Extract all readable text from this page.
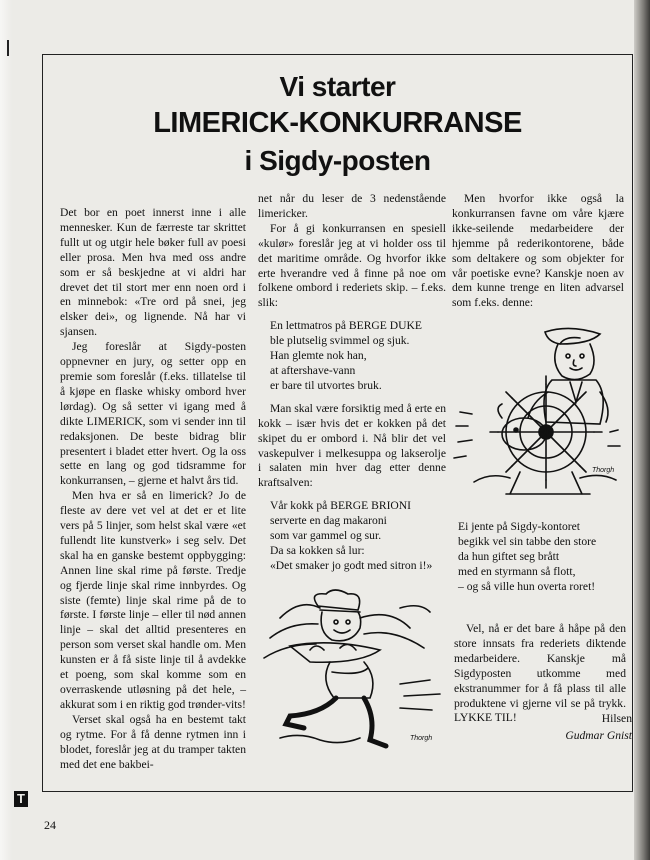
Vi starter
LIMERICK-KONKURRANSE
i Sigdy-posten

Det bor en poet innerst inne i alle mennesker. Kun de færreste tar skrittet fullt ut og utgir hele bøker full av poesi eller prosa. Men hva med oss andre som er så beskjedne at vi aldri har drevet det til stort mer enn noen ord i en minnebok: «Tre ord på snei, jeg elsker dei», og lignende. Nå har vi sjansen.

Jeg foreslår at Sigdy-posten oppnevner en jury, og setter opp en premie som foreslår (f.eks. tillatelse til å kjøpe en flaske whisky ombord hver lørdag). Og så setter vi igang med å dikte LIMERICK, som vi sender inn til redaksjonen. De beste bidrag blir presentert i bladet etter hvert. Og la oss sette en lang og god tidsramme for konkurransen, – gjerne et halvt års tid.

Men hva er så en limerick? Jo de fleste av dere vet vel at det er et lite vers på 5 linjer, som helst skal være «et fullendt lite kunstverk» i seg selv. Det skal ha en ganske bestemt oppbygging: Annen line skal rime på første. Tredje og fjerde linje skal rime innbyrdes. Og siste (femte) linje skal rime på de to første. I første linje – eller til nød annen linje – skal det alltid presenteres en person som verset skal handle om. Men kunsten er å få siste linje til å avdekke et poeng, som skal komme som en overraskende utløsning på det hele, – akkurat som i en riktig god trønder-vits!

Verset skal også ha en bestemt takt og rytme. For å få denne rytmen inn i blodet, foreslår jeg at du tramper takten med det ene bakbei-

net når du leser de 3 nedenstående limericker.

For å gi konkurransen en spesiell «kulør» foreslår jeg at vi holder oss til det maritime område. Og hvorfor ikke erte hverandre ved å finne på noe om folkene ombord i rederiets skip. – f.eks. slik:

En lettmatros på BERGE DUKE
ble plutselig svimmel og sjuk.
Han glemte nok han,
at aftershave-vann
er bare til utvortes bruk.

Man skal være forsiktig med å erte en kokk – især hvis det er kokken på det skipet du er ombord i. Nå blir det vel vaskepulver i melkesuppa og lakserolje i salaten min hver dag etter denne kraftsalven:

Vår kokk på BERGE BRIONI
serverte en dag makaroni
som var gammel og sur.
Da sa kokken så lur:
«Det smaker jo godt med sitron i!»

Men hvorfor ikke også la konkurransen favne om våre kjære ikke-seilende medarbeidere der hjemme på rederikontorene, både som deltakere og som objekter for vår poetiske evne? Kanskje noen av dem kunne trenge en liten advarsel som f.eks. denne:

Ei jente på Sigdy-kontoret
begikk vel sin tabbe den store
da hun giftet seg brått
med en styrmann så flott,
– og så ville hun overta roret!

Vel, nå er det bare å håpe på den store innsats fra rederiets diktende medarbeidere. Kanskje må Sigdyposten utkomme med ekstranummer for å få plass til alle produktene vi gjerne vil se på trykk. LYKKE TIL!	Hilsen
Gudmar Gnist
Thorgh
Thorgh
T
24
